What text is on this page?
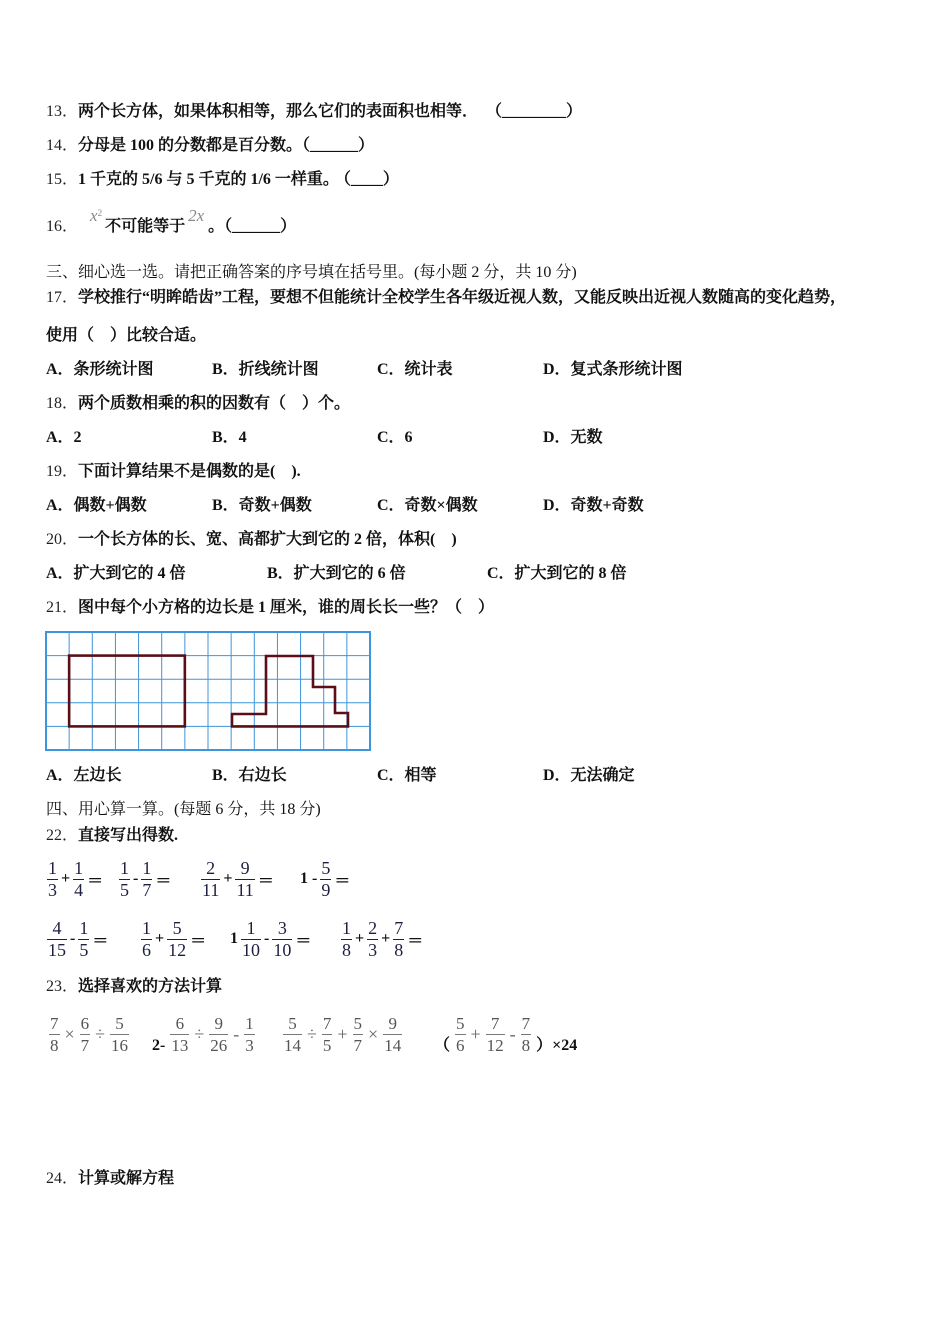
13．两个长方体，如果体积相等，那么它们的表面积也相等． （________）
14．分母是 100 的分数都是百分数。（______）
15．1 千克的 5/6 与 5 千克的 1/6 一样重。 （____）
16．$x^2$不可能等于2x。（______）
三、细心选一选。请把正确答案的序号填在括号里。(每小题 2 分，共 10 分)
17．学校推行“明眸皓齿”工程，要想不但能统计全校学生各年级近视人数，又能反映出近视人数随高的变化趋势，
使用（　）比较合适。
A．条形统计图	B．折线统计图	C．统计表	D．复式条形统计图
18．两个质数相乘的积的因数有（　）个。
A．2	B．4	C．6	D．无数
19．下面计算结果不是偶数的是(　).
A．偶数+偶数	B．奇数+偶数	C．奇数×偶数	D．奇数+奇数
20．一个长方体的长、宽、高都扩大到它的 2 倍，体积(　)
A．扩大到它的 4 倍	B．扩大到它的 6 倍	C．扩大到它的 8 倍
21．图中每个小方格的边长是 1 厘米，谁的周长长一些？（　）
A．左边长	B．右边长	C．相等	D．无法确定
四、用心算一算。(每题 6 分，共 18 分)
22．直接写出得数.
$\frac{1}{3} + \frac{1}{4} = \frac{1}{5} - \frac{1}{7} = \frac{2}{11} + \frac{9}{11} = 1 - \frac{5}{9}$ ＝
$\frac{4}{15} - \frac{1}{5} = \frac{1}{6} + \frac{5}{12} = 1 \frac{1}{10} - \frac{3}{10} = \frac{1}{8} + \frac{2}{3} + \frac{7}{8}$ ＝
23．选择喜欢的方法计算
$\frac{7}{8} \times \frac{6}{7} \div \frac{5}{16} 2- \frac{6}{13} \div \frac{9}{26} - \frac{1}{3} \frac{5}{14} \div \frac{7}{5} + \frac{5}{7} \times \frac{9}{14}$ （ $\frac{5}{6} + \frac{7}{12} - \frac{7}{8} )\times 24$
24．计算或解方程
